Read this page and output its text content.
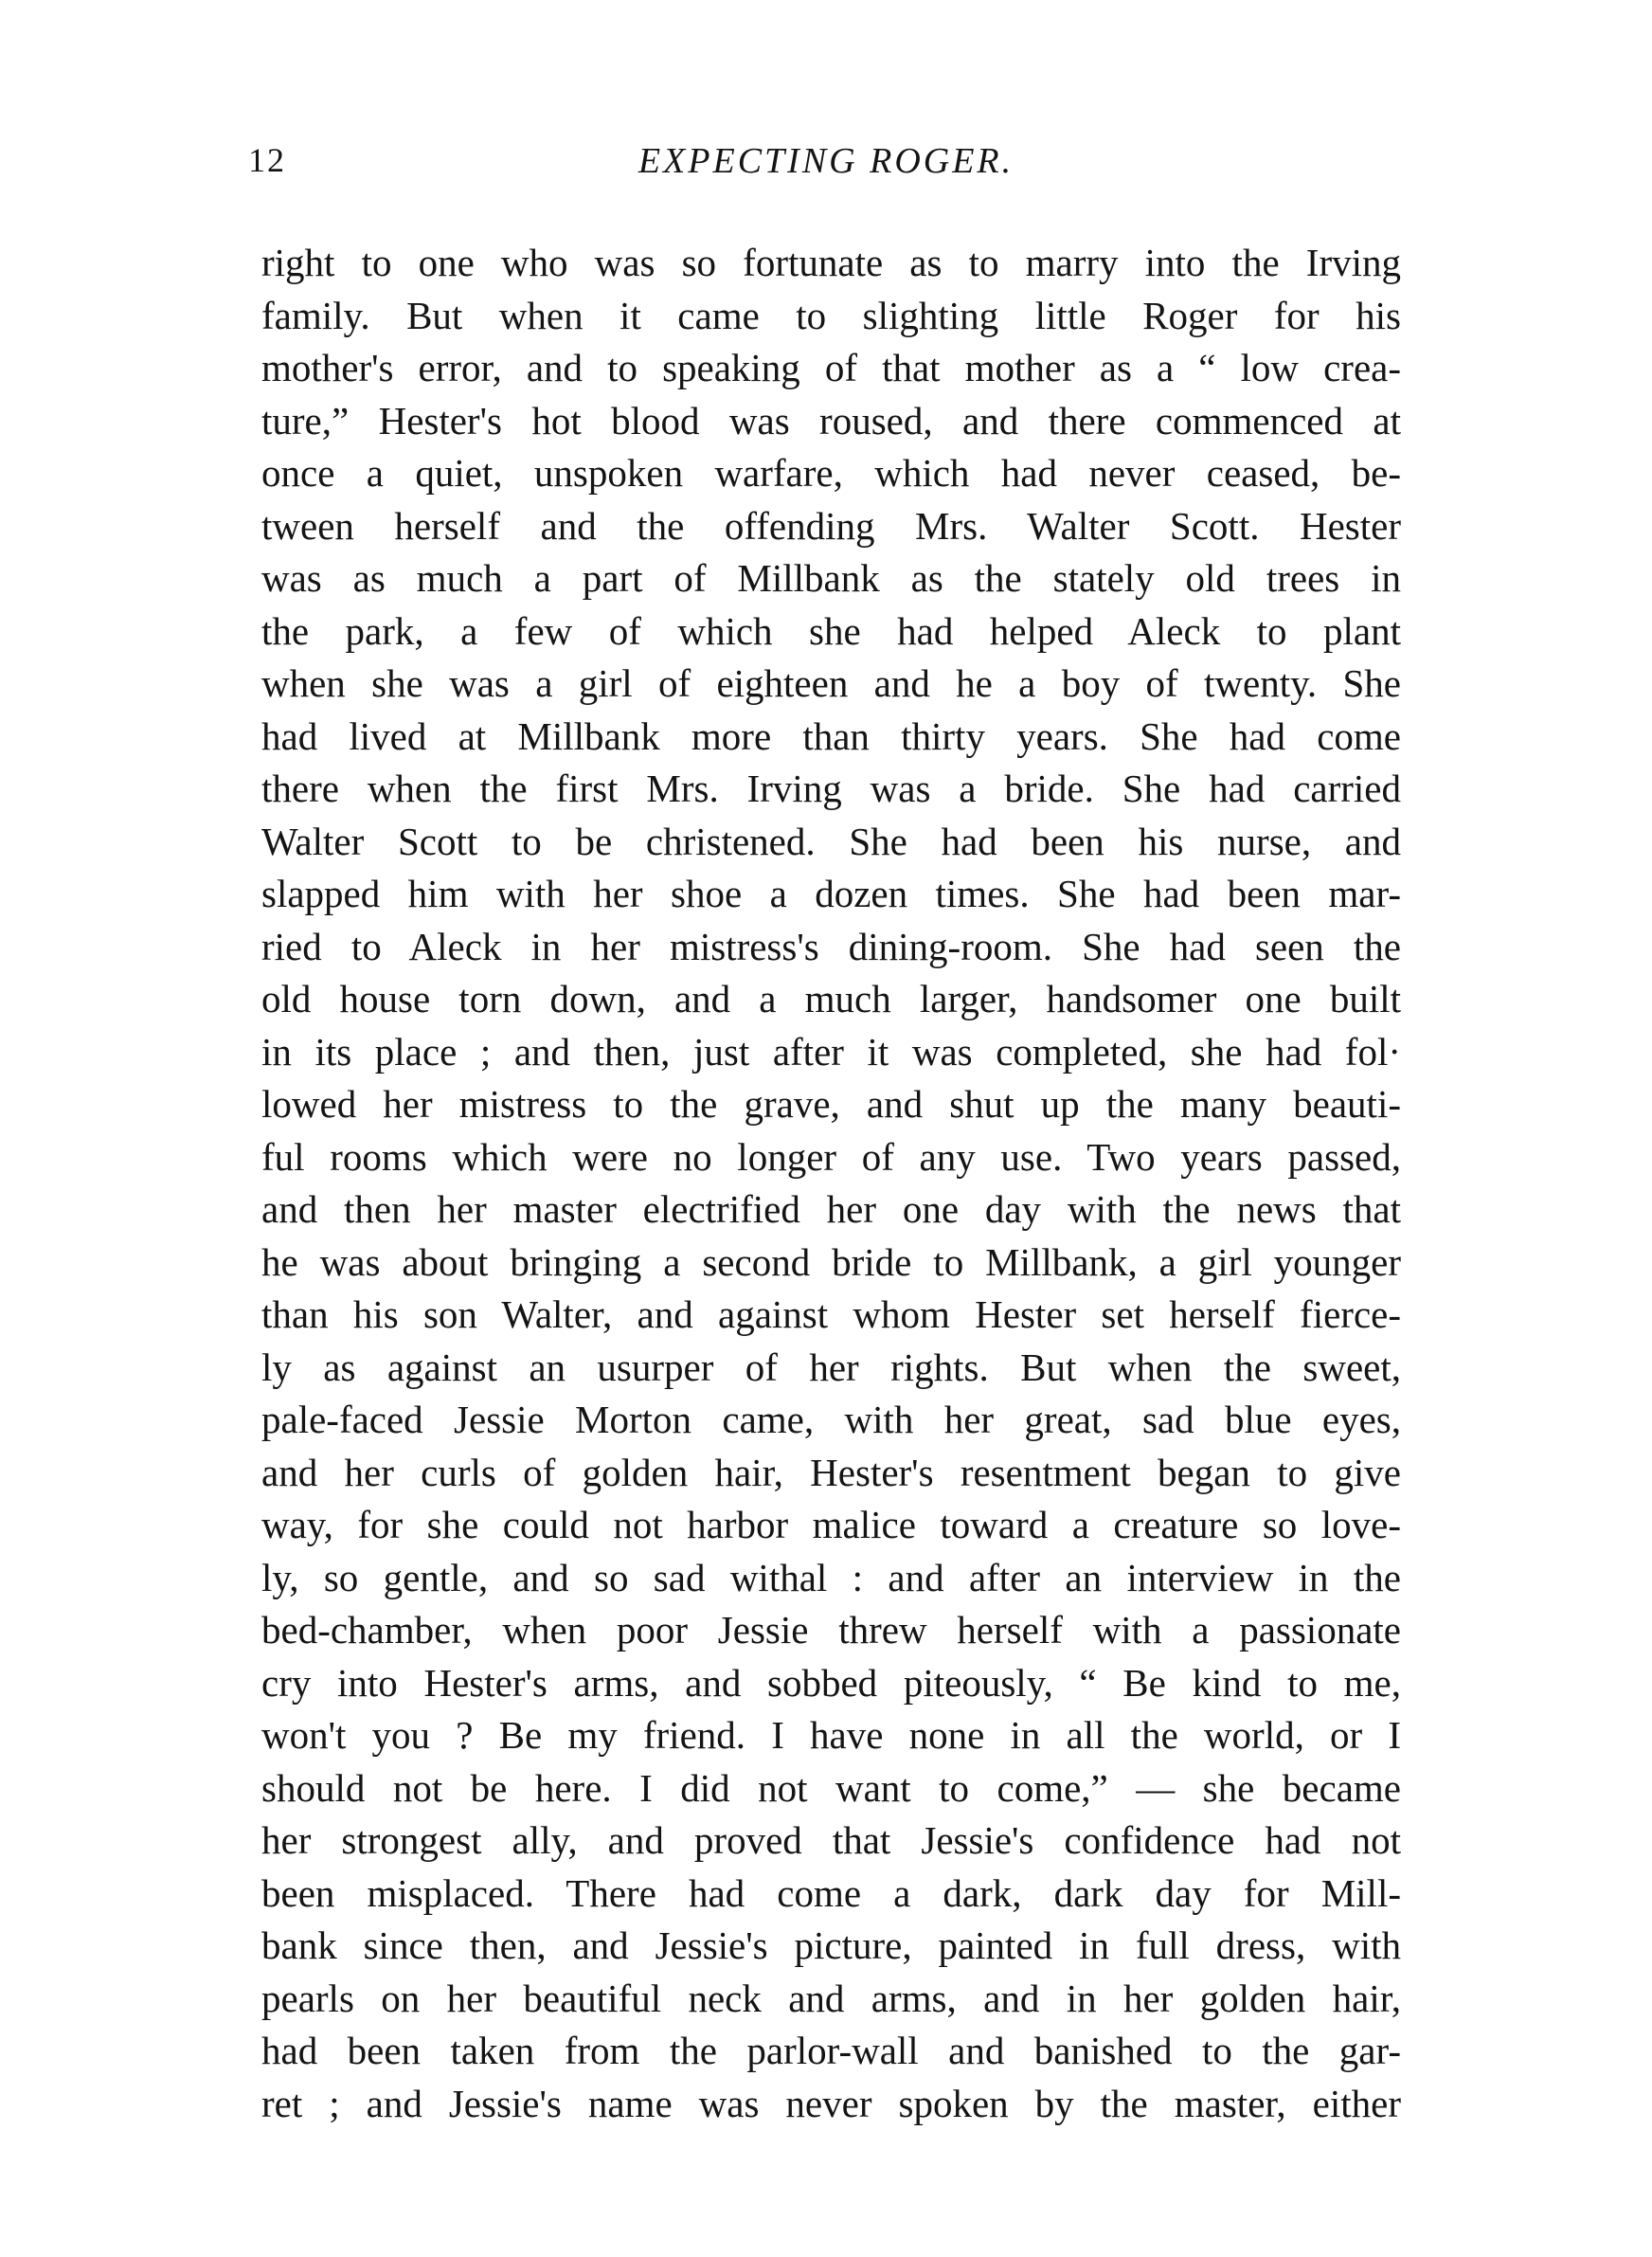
12	EXPECTING ROGER.
right to one who was so fortunate as to marry into the Irving
family. But when it came to slighting little Roger for his
mother's error, and to speaking of that mother as a “ low crea-
ture,” Hester's hot blood was roused, and there commenced at
once a quiet, unspoken warfare, which had never ceased, be-
tween herself and the offending Mrs. Walter Scott. Hester
was as much a part of Millbank as the stately old trees in
the park, a few of which she had helped Aleck to plant
when she was a girl of eighteen and he a boy of twenty. She
had lived at Millbank more than thirty years. She had come
there when the first Mrs. Irving was a bride. She had carried
Walter Scott to be christened. She had been his nurse, and
slapped him with her shoe a dozen times. She had been mar-
ried to Aleck in her mistress's dining-room. She had seen the
old house torn down, and a much larger, handsomer one built
in its place ; and then, just after it was completed, she had fol·
lowed her mistress to the grave, and shut up the many beauti-
ful rooms which were no longer of any use. Two years passed,
and then her master electrified her one day with the news that
he was about bringing a second bride to Millbank, a girl younger
than his son Walter, and against whom Hester set herself fierce-
ly as against an usurper of her rights. But when the sweet,
pale-faced Jessie Morton came, with her great, sad blue eyes,
and her curls of golden hair, Hester's resentment began to give
way, for she could not harbor malice toward a creature so love-
ly, so gentle, and so sad withal : and after an interview in the
bed-chamber, when poor Jessie threw herself with a passionate
cry into Hester's arms, and sobbed piteously, “ Be kind to me,
won't you ? Be my friend. I have none in all the world, or I
should not be here. I did not want to come,” — she became
her strongest ally, and proved that Jessie's confidence had not
been misplaced. There had come a dark, dark day for Mill-
bank since then, and Jessie's picture, painted in full dress, with
pearls on her beautiful neck and arms, and in her golden hair,
had been taken from the parlor-wall and banished to the gar-
ret ; and Jessie's name was never spoken by the master, either
